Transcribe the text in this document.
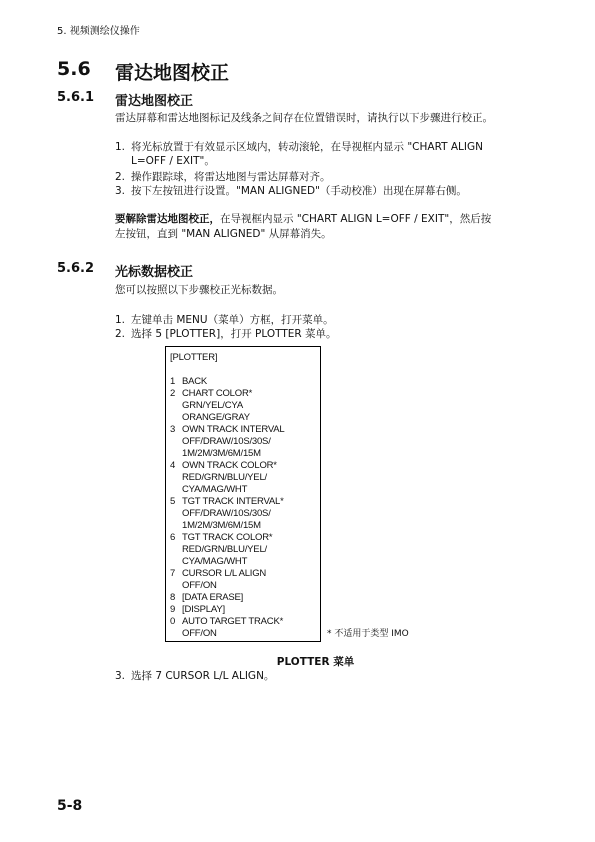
5. 视频测绘仪操作
5.6 雷达地图校正
5.6.1 雷达地图校正
雷达屏幕和雷达地图标记及线条之间存在位置错误时，请执行以下步骤进行校正。
1. 将光标放置于有效显示区域内，转动滚轮，在导视框内显示 "CHART ALIGN
L=OFF / EXIT"。
2. 操作跟踪球，将雷达地图与雷达屏幕对齐。
3. 按下左按钮进行设置。"MAN ALIGNED"（手动校准）出现在屏幕右侧。
要解除雷达地图校正，在导视框内显示 "CHART ALIGN L=OFF / EXIT"，然后按
左按钮，直到 "MAN ALIGNED" 从屏幕消失。
5.6.2 光标数据校正
您可以按照以下步骤校正光标数据。
1. 左键单击 MENU（菜单）方框，打开菜单。
2. 选择 5 [PLOTTER]，打开 PLOTTER 菜单。
[PLOTTER]
1 BACK
2 CHART COLOR*
GRN/YEL/CYA
ORANGE/GRAY
3 OWN TRACK INTERVAL
OFF/DRAW/10S/30S/
1M/2M/3M/6M/15M
4 OWN TRACK COLOR*
RED/GRN/BLU/YEL/
CYA/MAG/WHT
5 TGT TRACK INTERVAL*
OFF/DRAW/10S/30S/
1M/2M/3M/6M/15M
6 TGT TRACK COLOR*
RED/GRN/BLU/YEL/
CYA/MAG/WHT
7 CURSOR L/L ALIGN
OFF/ON
8 [DATA ERASE]
9 [DISPLAY]
0 AUTO TARGET TRACK*
OFF/ON	* 不适用于类型 IMO
PLOTTER 菜单
3. 选择 7 CURSOR L/L ALIGN。
5-8
